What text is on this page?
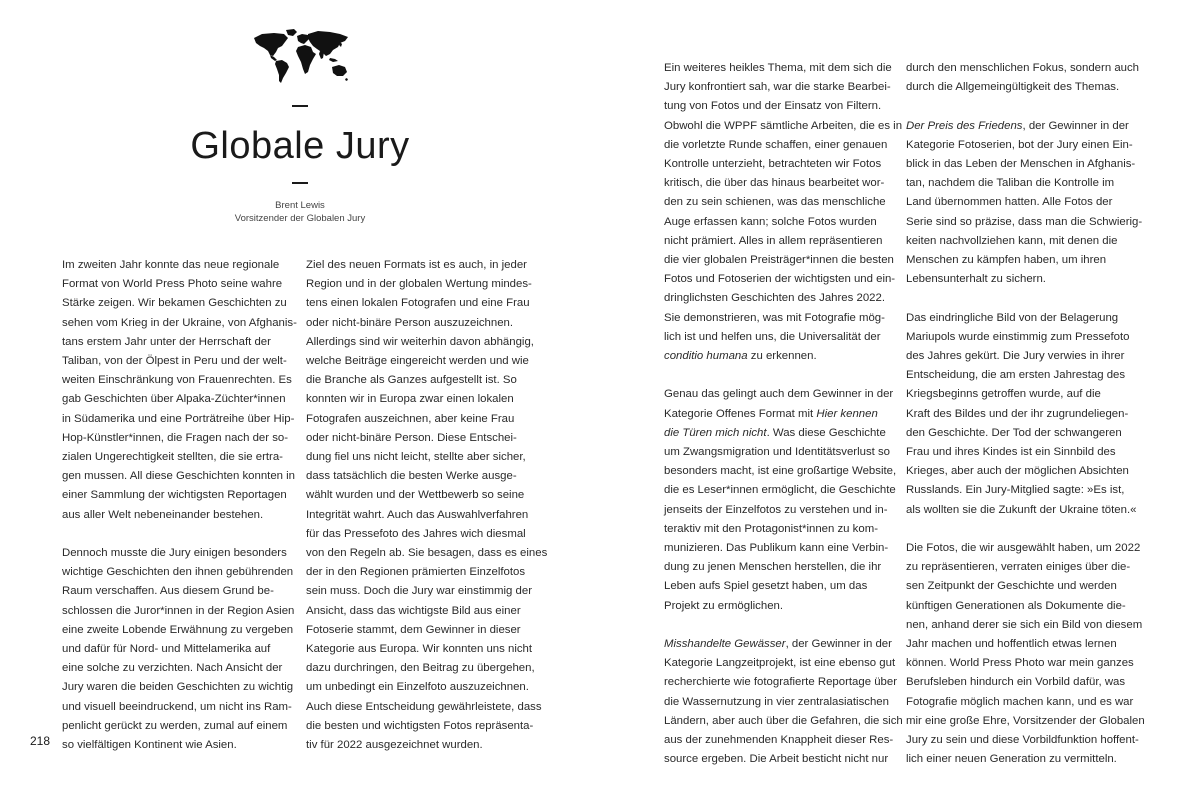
Globale Jury
Brent Lewis
Vorsitzender der Globalen Jury

Im zweiten Jahr konnte das neue regionale
Format von World Press Photo seine wahre
Stärke zeigen. Wir bekamen Geschichten zu
sehen vom Krieg in der Ukraine, von Afghanis-
tans erstem Jahr unter der Herrschaft der
Taliban, von der Ölpest in Peru und der welt-
weiten Einschränkung von Frauenrechten. Es
gab Geschichten über Alpaka-Züchter*innen
in Südamerika und eine Porträtreihe über Hip-
Hop-Künstler*innen, die Fragen nach der so-
zialen Ungerechtigkeit stellten, die sie ertra-
gen mussen. All diese Geschichten konnten in
einer Sammlung der wichtigsten Reportagen
aus aller Welt nebeneinander bestehen.

Dennoch musste die Jury einigen besonders
wichtige Geschichten den ihnen gebührenden
Raum verschaffen. Aus diesem Grund be-
schlossen die Juror*innen in der Region Asien
eine zweite Lobende Erwähnung zu vergeben
und dafür für Nord- und Mittelamerika auf
eine solche zu verzichten. Nach Ansicht der
Jury waren die beiden Geschichten zu wichtig
und visuell beeindruckend, um nicht ins Ram-
penlicht gerückt zu werden, zumal auf einem
so vielfältigen Kontinent wie Asien.

Ziel des neuen Formats ist es auch, in jeder
Region und in der globalen Wertung mindes-
tens einen lokalen Fotografen und eine Frau
oder nicht-binäre Person auszuzeichnen.
Allerdings sind wir weiterhin davon abhängig,
welche Beiträge eingereicht werden und wie
die Branche als Ganzes aufgestellt ist. So
konnten wir in Europa zwar einen lokalen
Fotografen auszeichnen, aber keine Frau
oder nicht-binäre Person. Diese Entschei-
dung fiel uns nicht leicht, stellte aber sicher,
dass tatsächlich die besten Werke ausge-
wählt wurden und der Wettbewerb so seine
Integrität wahrt. Auch das Auswahlverfahren
für das Pressefoto des Jahres wich diesmal
von den Regeln ab. Sie besagen, dass es eines
der in den Regionen prämierten Einzelfotos
sein muss. Doch die Jury war einstimmig der
Ansicht, dass das wichtigste Bild aus einer
Fotoserie stammt, dem Gewinner in dieser
Kategorie aus Europa. Wir konnten uns nicht
dazu durchringen, den Beitrag zu übergehen,
um unbedingt ein Einzelfoto auszuzeichnen.
Auch diese Entscheidung gewährleistete, dass
die besten und wichtigsten Fotos repräsenta-
tiv für 2022 ausgezeichnet wurden.

218

Ein weiteres heikles Thema, mit dem sich die
Jury konfrontiert sah, war die starke Bearbei-
tung von Fotos und der Einsatz von Filtern.
Obwohl die WPPF sämtliche Arbeiten, die es in
die vorletzte Runde schaffen, einer genauen
Kontrolle unterzieht, betrachteten wir Fotos
kritisch, die über das hinaus bearbeitet wor-
den zu sein schienen, was das menschliche
Auge erfassen kann; solche Fotos wurden
nicht prämiert. Alles in allem repräsentieren
die vier globalen Preisträger*innen die besten
Fotos und Fotoserien der wichtigsten und ein-
dringlichsten Geschichten des Jahres 2022.
Sie demonstrieren, was mit Fotografie mög-
lich ist und helfen uns, die Universalität der
conditio humana zu erkennen.

Genau das gelingt auch dem Gewinner in der
Kategorie Offenes Format mit Hier kennen
die Türen mich nicht. Was diese Geschichte
um Zwangsmigration und Identitätsverlust so
besonders macht, ist eine großartige Website,
die es Leser*innen ermöglicht, die Geschichte
jenseits der Einzelfotos zu verstehen und in-
teraktiv mit den Protagonist*innen zu kom-
munizieren. Das Publikum kann eine Verbin-
dung zu jenen Menschen herstellen, die ihr
Leben aufs Spiel gesetzt haben, um das
Projekt zu ermöglichen.

Misshandelte Gewässer, der Gewinner in der
Kategorie Langzeitprojekt, ist eine ebenso gut
recherchierte wie fotografierte Reportage über
die Wassernutzung in vier zentralasiatischen
Ländern, aber auch über die Gefahren, die sich
aus der zunehmenden Knappheit dieser Res-
source ergeben. Die Arbeit besticht nicht nur

durch den menschlichen Fokus, sondern auch
durch die Allgemeingültigkeit des Themas.

Der Preis des Friedens, der Gewinner in der
Kategorie Fotoserien, bot der Jury einen Ein-
blick in das Leben der Menschen in Afghanis-
tan, nachdem die Taliban die Kontrolle im
Land übernommen hatten. Alle Fotos der
Serie sind so präzise, dass man die Schwierig-
keiten nachvollziehen kann, mit denen die
Menschen zu kämpfen haben, um ihren
Lebensunterhalt zu sichern.

Das eindringliche Bild von der Belagerung
Mariupols wurde einstimmig zum Pressefoto
des Jahres gekürt. Die Jury verwies in ihrer
Entscheidung, die am ersten Jahrestag des
Kriegsbeginns getroffen wurde, auf die
Kraft des Bildes und der ihr zugrundeliegen-
den Geschichte. Der Tod der schwangeren
Frau und ihres Kindes ist ein Sinnbild des
Krieges, aber auch der möglichen Absichten
Russlands. Ein Jury-Mitglied sagte: »Es ist,
als wollten sie die Zukunft der Ukraine töten.«

Die Fotos, die wir ausgewählt haben, um 2022
zu repräsentieren, verraten einiges über die-
sen Zeitpunkt der Geschichte und werden
künftigen Generationen als Dokumente die-
nen, anhand derer sie sich ein Bild von diesem
Jahr machen und hoffentlich etwas lernen
können. World Press Photo war mein ganzes
Berufsleben hindurch ein Vorbild dafür, was
Fotografie möglich machen kann, und es war
mir eine große Ehre, Vorsitzender der Globalen
Jury zu sein und diese Vorbildfunktion hoffent-
lich einer neuen Generation zu vermitteln.
